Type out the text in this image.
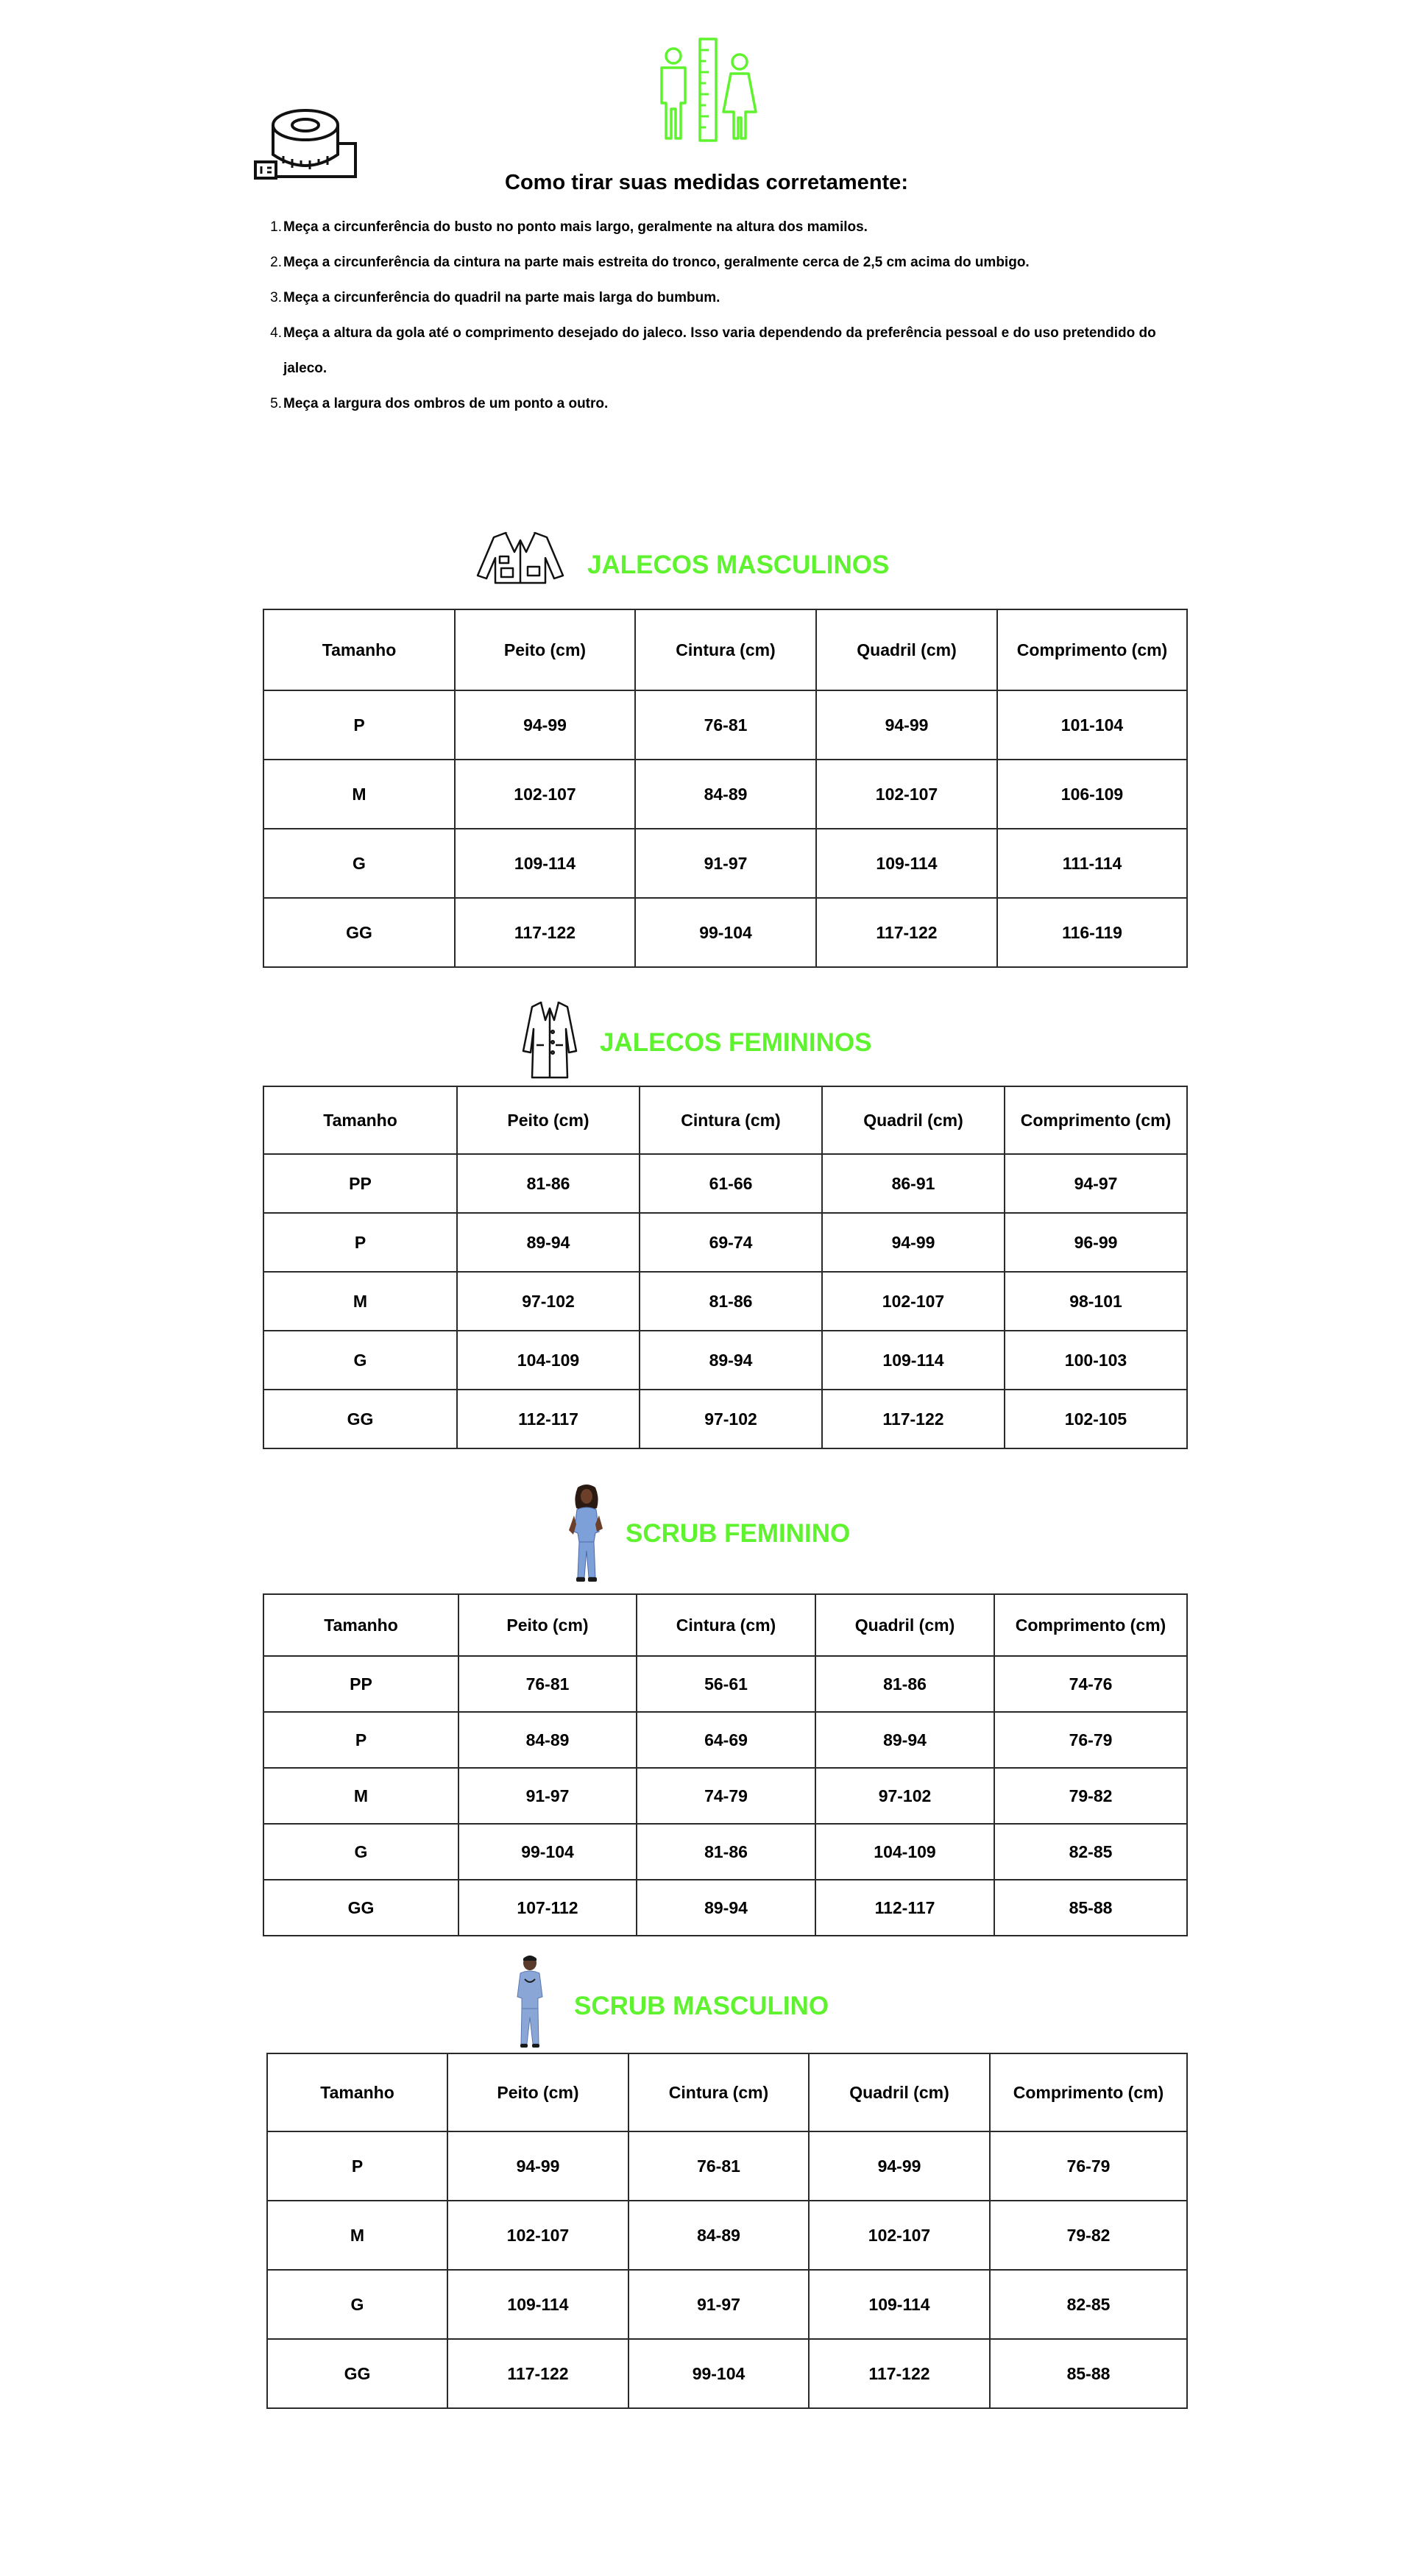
Como tirar suas medidas corretamente:
1. Meça a circunferência do busto no ponto mais largo, geralmente na altura dos mamilos.
2. Meça a circunferência da cintura na parte mais estreita do tronco, geralmente cerca de 2,5 cm acima do umbigo.
3. Meça a circunferência do quadril na parte mais larga do bumbum.
4. Meça a altura da gola até o comprimento desejado do jaleco. Isso varia dependendo da preferência pessoal e do uso pretendido do jaleco.
5. Meça a largura dos ombros de um ponto a outro.
JALECOS MASCULINOS
Tamanho	Peito (cm)	Cintura (cm)	Quadril (cm)	Comprimento (cm)
P	94-99	76-81	94-99	101-104
M	102-107	84-89	102-107	106-109
G	109-114	91-97	109-114	111-114
GG	117-122	99-104	117-122	116-119
JALECOS FEMININOS
Tamanho	Peito (cm)	Cintura (cm)	Quadril (cm)	Comprimento (cm)
PP	81-86	61-66	86-91	94-97
P	89-94	69-74	94-99	96-99
M	97-102	81-86	102-107	98-101
G	104-109	89-94	109-114	100-103
GG	112-117	97-102	117-122	102-105
SCRUB FEMININO
Tamanho	Peito (cm)	Cintura (cm)	Quadril (cm)	Comprimento (cm)
PP	76-81	56-61	81-86	74-76
P	84-89	64-69	89-94	76-79
M	91-97	74-79	97-102	79-82
G	99-104	81-86	104-109	82-85
GG	107-112	89-94	112-117	85-88
SCRUB MASCULINO
Tamanho	Peito (cm)	Cintura (cm)	Quadril (cm)	Comprimento (cm)
P	94-99	76-81	94-99	76-79
M	102-107	84-89	102-107	79-82
G	109-114	91-97	109-114	82-85
GG	117-122	99-104	117-122	85-88
